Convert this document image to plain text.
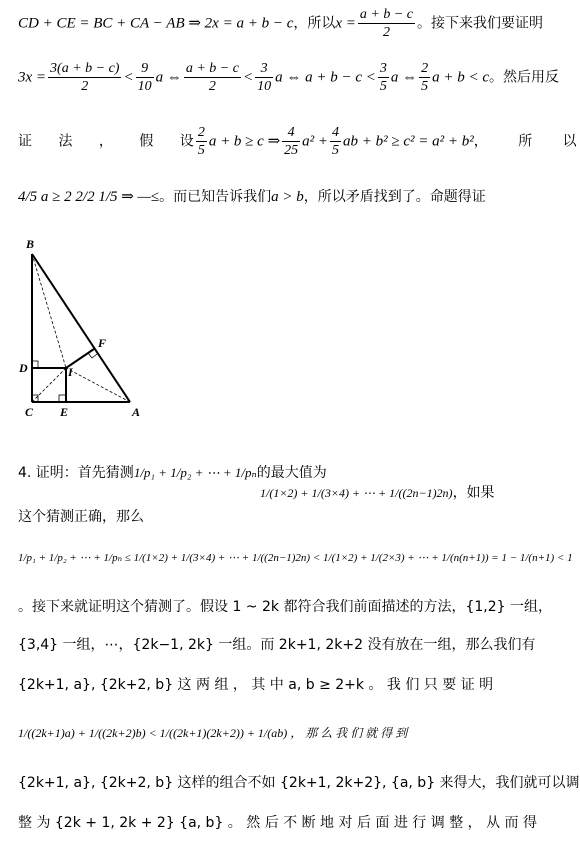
CD + CE = BC + CA − AB ⇒ 2x = a + b − c，所以$x = \frac{a + b - c}{2}$ 。接下来我们要证明
$3x = \frac{3(a + b - c)}{2} < \frac{9}{10}$ a ⇔ $\frac{a + b - c}{2} < \frac{3}{10}$ a ⇔ $a + b - c < \frac{3}{5}$ a ⇔ $\frac{2}{5}$ a + b < c。然后用反
证 法 ， 假 设 $\frac{2}{5}$ a + b ≥ c ⇒ $\frac{4}{25} a^2 + \frac{4}{5}$ ab + b² ≥ c² = a² + b²， 所 以
4/5 a ≥ 2 2/2 1/5 ⇒ —≤。而已知告诉我们a > b，所以矛盾找到了。命题得证
B
D	I
F
C E	A
4. 证明：首先猜测1/p₁ + 1/p₂ + ⋯ + 1/pₙ的最大值为
1/(1×2) + 1/(3×4) + ⋯ + 1/((2n−1)2n)，如果
这个猜测正确，那么
1/p₁ + 1/p₂ + ⋯ + 1/pₙ ≤ 1/(1×2) + 1/(3×4) + ⋯ + 1/((2n−1)2n) < 1/(1×2) + 1/(2×3) + ⋯ + 1/(n(n+1)) = 1 − 1/(n+1) < 1
。接下来就证明这个猜测了。假设 1 ~ 2k 都符合我们前面描述的方法，{1,2} 一组，
{3,4} 一组，⋯，{2k−1, 2k} 一组。而 2k+1, 2k+2 没有放在一组，那么我们有
{2k+1, a}, {2k+2, b} 这 两 组 ， 其 中 a, b ≥ 2+k 。 我 们 只 要 证 明
1/((2k+1)a) + 1/((2k+2)b) < 1/((2k+1)(2k+2)) + 1/(ab) ， 那 么 我 们 就 得 到
{2k+1, a}, {2k+2, b} 这样的组合不如 {2k+1, 2k+2}, {a, b} 来得大，我们就可以调
整 为 {2k + 1, 2k + 2} {a, b} 。 然 后 不 断 地 对 后 面 进 行 调 整 ， 从 而 得
